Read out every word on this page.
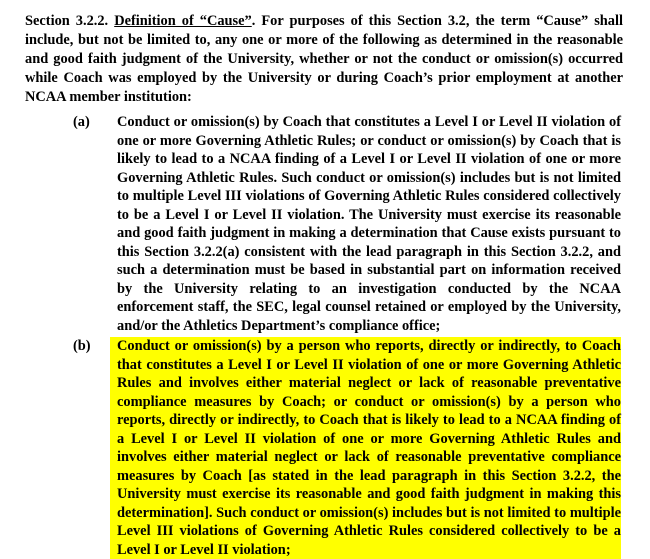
Section 3.2.2. Definition of “Cause”. For purposes of this Section 3.2, the term “Cause” shall include, but not be limited to, any one or more of the following as determined in the reasonable and good faith judgment of the University, whether or not the conduct or omission(s) occurred while Coach was employed by the University or during Coach’s prior employment at another NCAA member institution:

(a) Conduct or omission(s) by Coach that constitutes a Level I or Level II violation of one or more Governing Athletic Rules; or conduct or omission(s) by Coach that is likely to lead to a NCAA finding of a Level I or Level II violation of one or more Governing Athletic Rules. Such conduct or omission(s) includes but is not limited to multiple Level III violations of Governing Athletic Rules considered collectively to be a Level I or Level II violation. The University must exercise its reasonable and good faith judgment in making a determination that Cause exists pursuant to this Section 3.2.2(a) consistent with the lead paragraph in this Section 3.2.2, and such a determination must be based in substantial part on information received by the University relating to an investigation conducted by the NCAA enforcement staff, the SEC, legal counsel retained or employed by the University, and/or the Athletics Department’s compliance office;

(b)	Conduct or omission(s) by a person who reports, directly or indirectly, to Coach that constitutes a Level I or Level II violation of one or more Governing Athletic Rules and involves either material neglect or lack of reasonable preventative compliance measures by Coach; or conduct or omission(s) by a person who reports, directly or indirectly, to Coach that is likely to lead to a NCAA finding of a Level I or Level II violation of one or more Governing Athletic Rules and involves either material neglect or lack of reasonable preventative compliance measures by Coach [as stated in the lead paragraph in this Section 3.2.2, the University must exercise its reasonable and good faith judgment in making this determination]. Such conduct or omission(s) includes but is not limited to multiple Level III violations of Governing Athletic Rules considered collectively to be a Level I or Level II violation;
